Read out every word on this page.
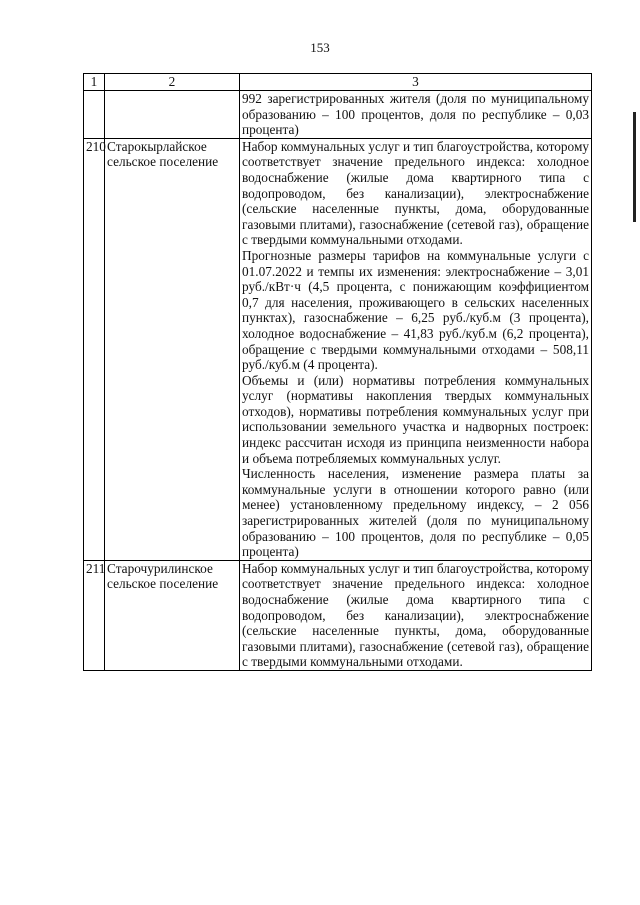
153
1	2	3

		992 зарегистрированных жителя (доля по муниципальному образованию – 100 процентов, доля по республике – 0,03 процента)

210	Старокырлайское сельское поселение	Набор коммунальных услуг и тип благоустройства, которому соответствует значение предельного индекса: холодное водоснабжение (жилые дома квартирного типа с водопроводом, без канализации), электроснабжение (сельские населенные пункты, дома, оборудованные газовыми плитами), газоснабжение (сетевой газ), обращение с твердыми коммунальными отходами.

Прогнозные размеры тарифов на коммунальные услуги с 01.07.2022 и темпы их изменения: электроснабжение – 3,01 руб./кВт·ч (4,5 процента, с понижающим коэффициентом 0,7 для населения, проживающего в сельских населенных пунктах), газоснабжение – 6,25 руб./куб.м (3 процента), холодное водоснабжение – 41,83 руб./куб.м (6,2 процента), обращение с твердыми коммунальными отходами – 508,11 руб./куб.м (4 процента).

Объемы и (или) нормативы потребления коммунальных услуг (нормативы накопления твердых коммунальных отходов), нормативы потребления коммунальных услуг при использовании земельного участка и надворных построек: индекс рассчитан исходя из принципа неизменности набора и объема потребляемых коммунальных услуг.

Численность населения, изменение размера платы за коммунальные услуги в отношении которого равно (или менее) установленному предельному индексу, – 2 056 зарегистрированных жителей (доля по муниципальному образованию – 100 процентов, доля по республике – 0,05 процента)

211	Старочурилинское сельское поселение	Набор коммунальных услуг и тип благоустройства, которому соответствует значение предельного индекса: холодное водоснабжение (жилые дома квартирного типа с водопроводом, без канализации), электроснабжение (сельские населенные пункты, дома, оборудованные газовыми плитами), газоснабжение (сетевой газ), обращение с твердыми коммунальными отходами.
